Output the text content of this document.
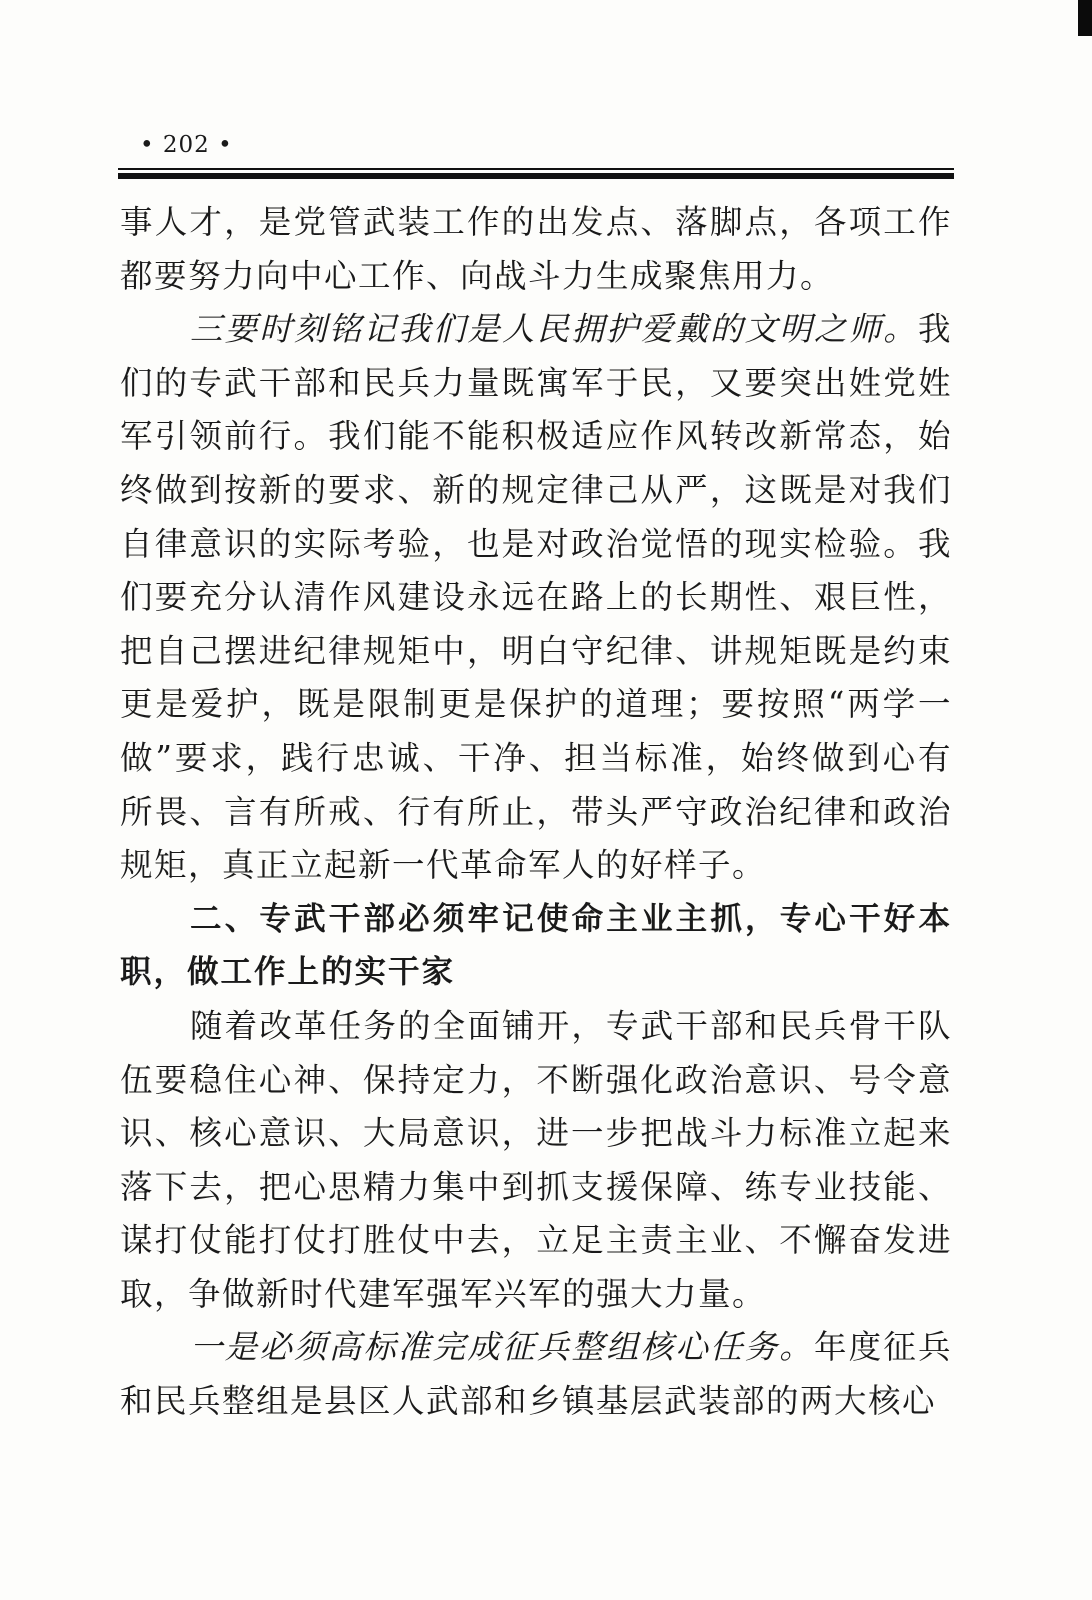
• 202 •

事人才，是党管武装工作的出发点、落脚点，各项工作都要努力向中心工作、向战斗力生成聚焦用力。

三要时刻铭记我们是人民拥护爱戴的文明之师。我们的专武干部和民兵力量既寓军于民，又要突出姓党姓军引领前行。我们能不能积极适应作风转改新常态，始终做到按新的要求、新的规定律己从严，这既是对我们自律意识的实际考验，也是对政治觉悟的现实检验。我们要充分认清作风建设永远在路上的长期性、艰巨性，把自己摆进纪律规矩中，明白守纪律、讲规矩既是约束更是爱护，既是限制更是保护的道理；要按照“两学一做”要求，践行忠诚、干净、担当标准，始终做到心有所畏、言有所戒、行有所止，带头严守政治纪律和政治规矩，真正立起新一代革命军人的好样子。

二、专武干部必须牢记使命主业主抓，专心干好本职，做工作上的实干家

随着改革任务的全面铺开，专武干部和民兵骨干队伍要稳住心神、保持定力，不断强化政治意识、号令意识、核心意识、大局意识，进一步把战斗力标准立起来落下去，把心思精力集中到抓支援保障、练专业技能、谋打仗能打仗打胜仗中去，立足主责主业、不懈奋发进取，争做新时代建军强军兴军的强大力量。

一是必须高标准完成征兵整组核心任务。年度征兵和民兵整组是县区人武部和乡镇基层武装部的两大核心
